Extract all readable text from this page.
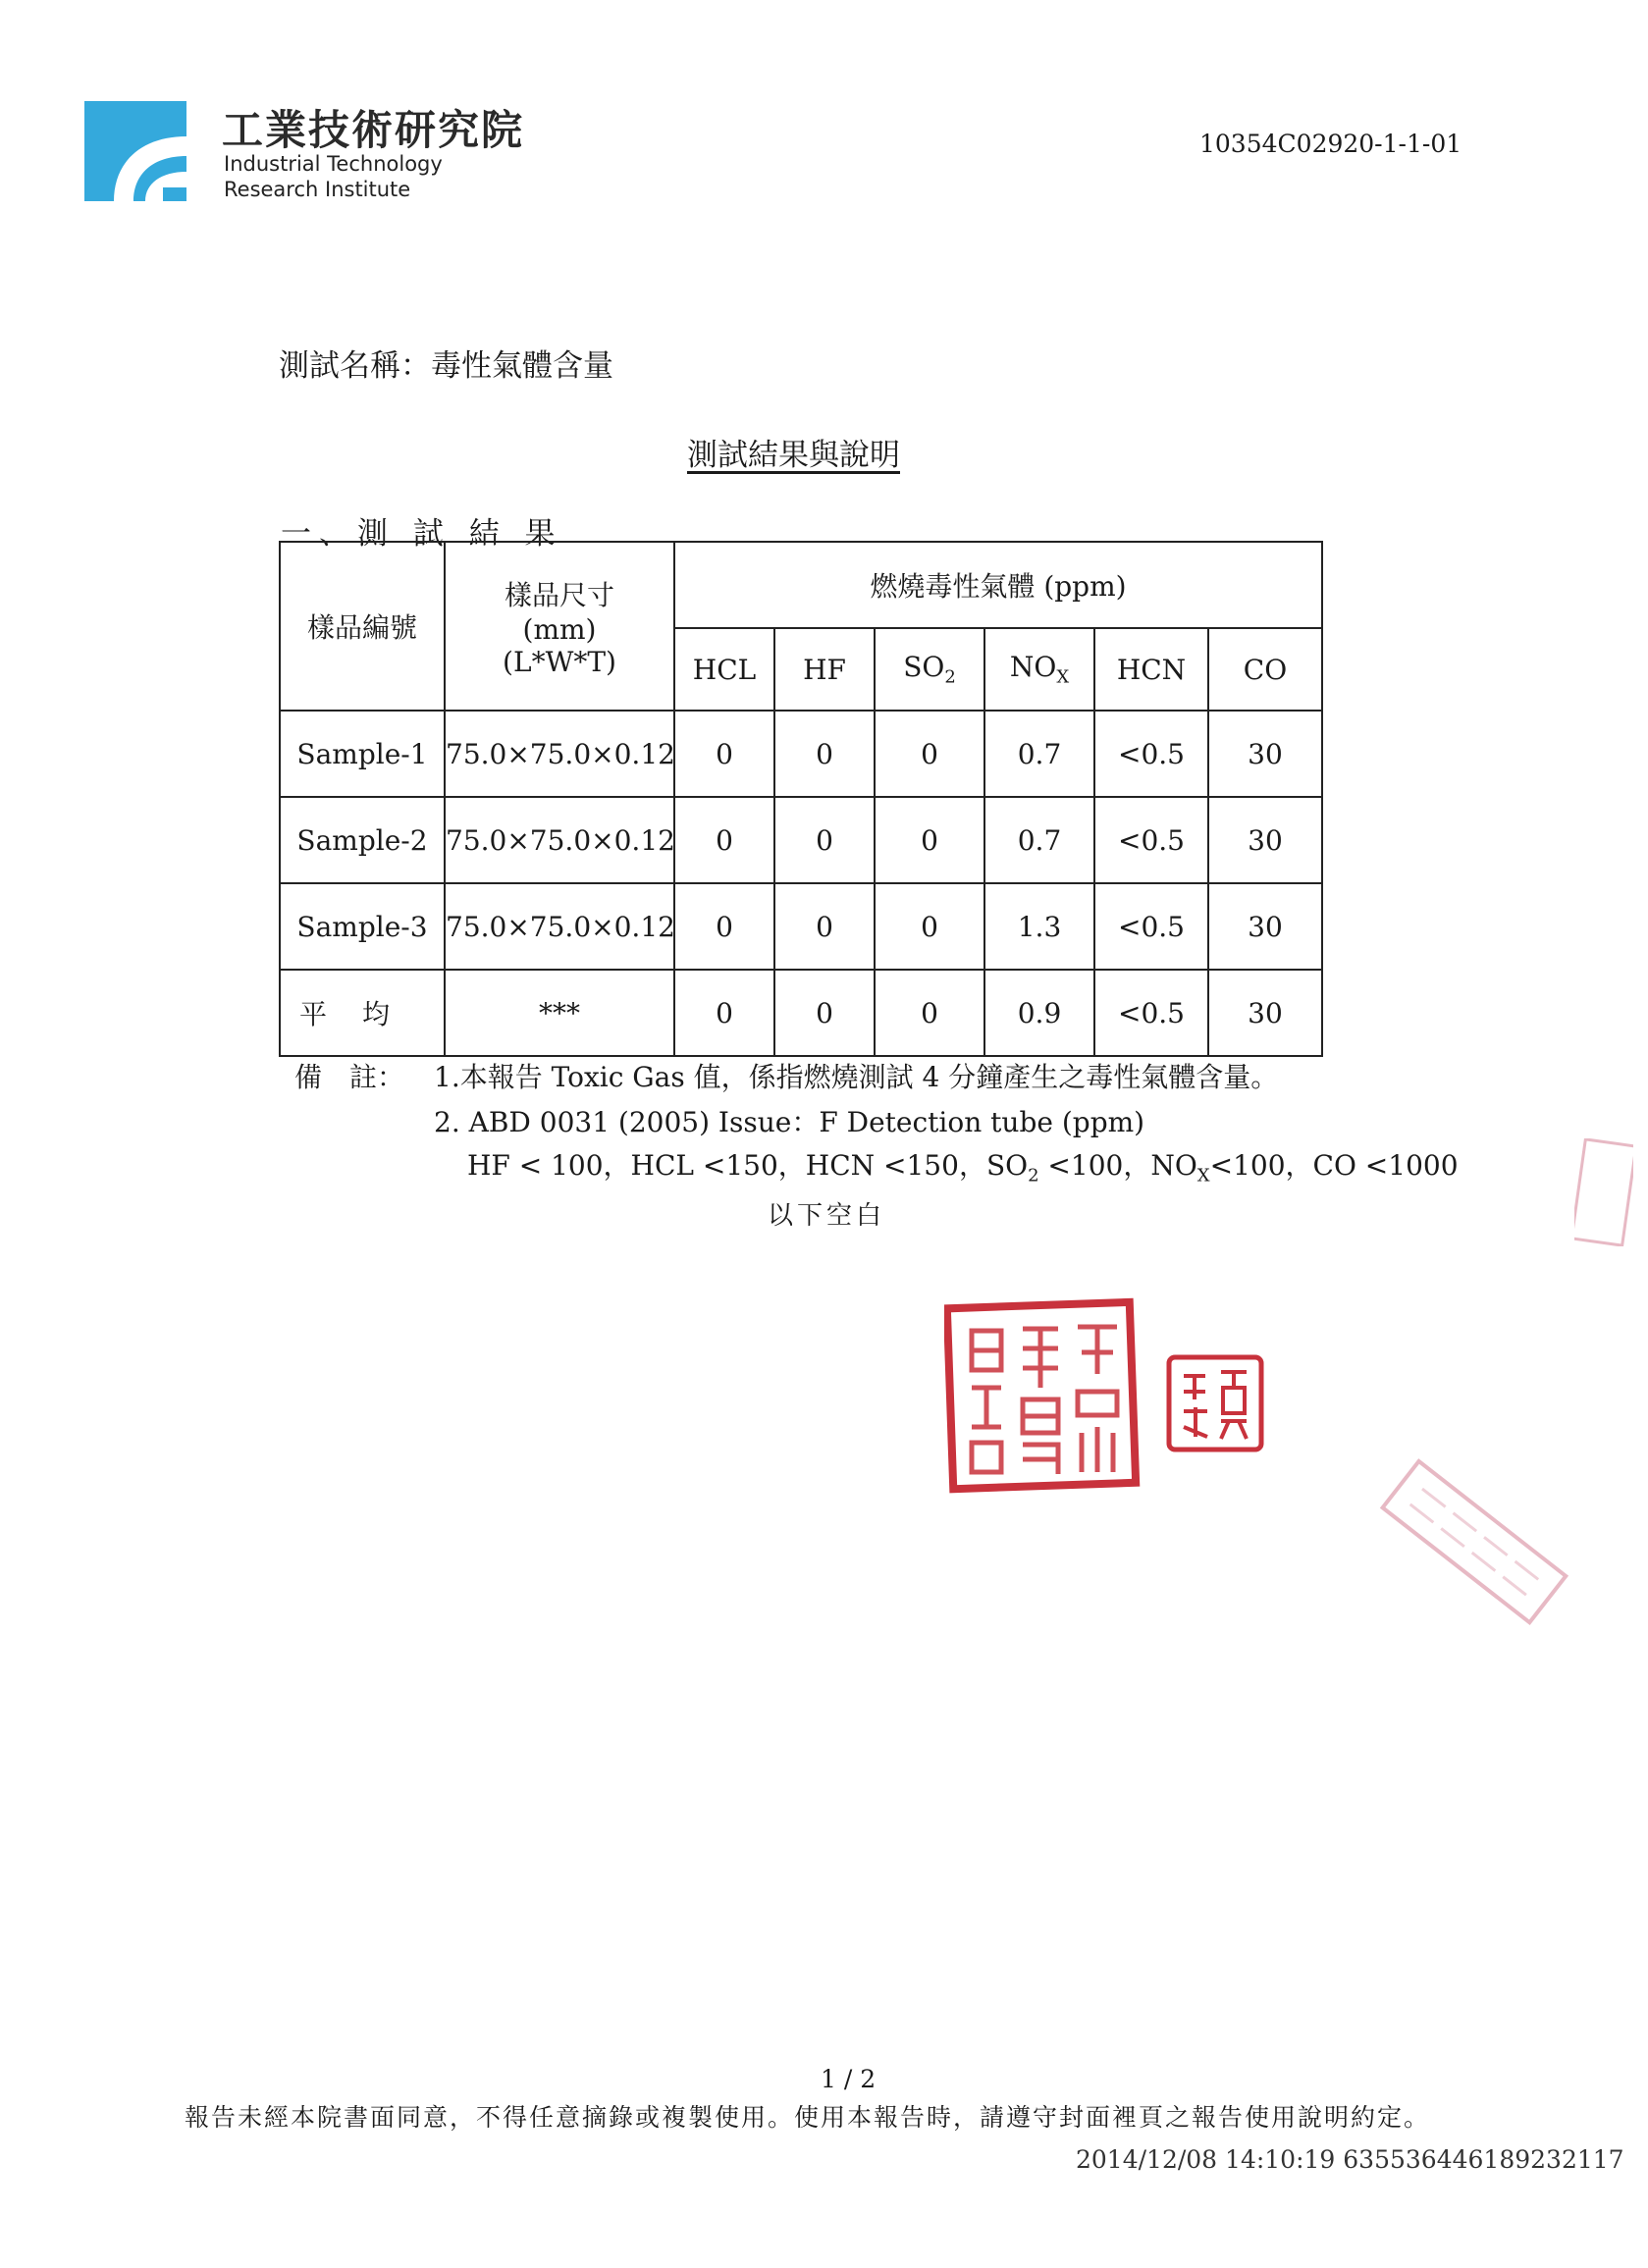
工業技術研究院
Industrial Technology
Research Institute
10354C02920-1-1-01
測試名稱：毒性氣體含量
測試結果與說明
一、測 試 結 果
樣品編號	樣品尺寸
(mm)
(L*W*T)	燃燒毒性氣體 (ppm)					
		HCL	HF	$SO_2$	$NO_X$	HCN	CO
Sample-1	75.0×75.0×0.12	0	0	0	0.7	<0.5	30
Sample-2	75.0×75.0×0.12	0	0	0	0.7	<0.5	30
Sample-3	75.0×75.0×0.12	0	0	0	1.3	<0.5	30
平均	***	0	0	0	0.9	<0.5	30
備　註： 1.本報告 Toxic Gas 值，係指燃燒測試 4 分鐘產生之毒性氣體含量。
2. ABD 0031 (2005) Issue：F Detection tube (ppm)
HF < 100，HCL <150，HCN <150，$SO_2 <100$，$NO_X<100$，CO <1000
以下空白
1 / 2
報告未經本院書面同意，不得任意摘錄或複製使用。使用本報告時，請遵守封面裡頁之報告使用說明約定。
2014/12/08 14:10:19 635536446189232117
